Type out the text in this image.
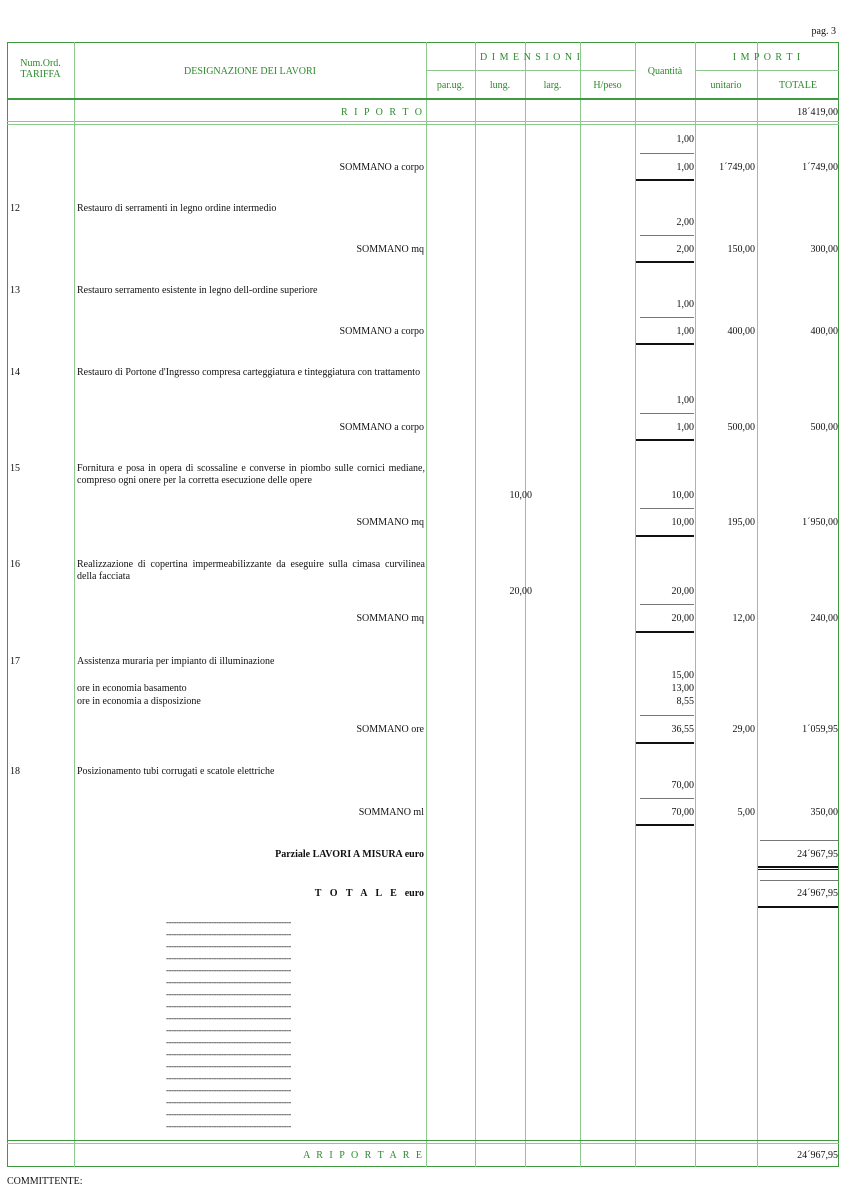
pag. 3
Num.Ord.
TARIFFA	DESIGNAZIONE DEI LAVORI
D I M E N S I O N I
par.ug.	lung.	larg.	H/peso
Quantità
I M P O R T I
unitario	TOTALE
R I P O R T O	18´419,00
1,00
SOMMANO a corpo	1,00	1´749,00	1´749,00
12	Restauro di serramenti in legno ordine intermedio
2,00
SOMMANO mq	2,00	150,00	300,00
13	Restauro serramento esistente in legno dell-ordine superiore
1,00
SOMMANO a corpo	1,00	400,00	400,00
14	Restauro di Portone d'Ingresso compresa carteggiatura e tinteggiatura con trattamento
1,00
SOMMANO a corpo	1,00	500,00	500,00
15	Fornitura e posa in opera di scossaline e converse in piombo sulle cornici mediane, compreso ogni onere per la corretta esecuzione delle opere
10,00	10,00
SOMMANO mq	10,00	195,00	1´950,00
16	Realizzazione di copertina impermeabilizzante da eseguire sulla cimasa curvilinea della facciata
20,00	20,00
SOMMANO mq	20,00	12,00	240,00
17	Assistenza muraria per impianto di illuminazione
15,00
ore in economia basamento	13,00
ore in economia a disposizione	8,55
SOMMANO ore	36,55	29,00	1´059,95
18	Posizionamento tubi corrugati e scatole elettriche
70,00
SOMMANO ml	70,00	5,00	350,00
Parziale LAVORI A MISURA euro	24´967,95
T O T A L E euro	24´967,95
--------------------------------------------------
--------------------------------------------------
--------------------------------------------------
--------------------------------------------------
--------------------------------------------------
--------------------------------------------------
--------------------------------------------------
--------------------------------------------------
--------------------------------------------------
--------------------------------------------------
--------------------------------------------------
--------------------------------------------------
--------------------------------------------------
--------------------------------------------------
--------------------------------------------------
--------------------------------------------------
--------------------------------------------------
--------------------------------------------------
A R I P O R T A R E	24´967,95
COMMITTENTE:
